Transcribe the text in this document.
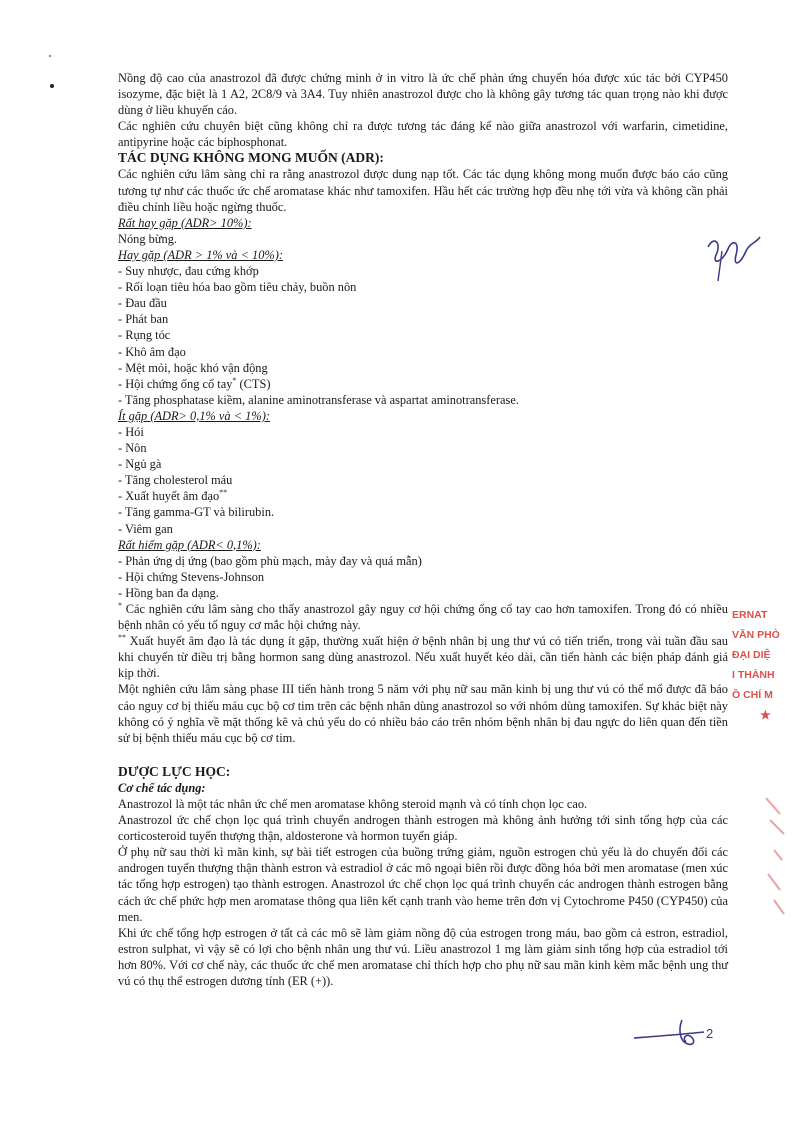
Nồng độ cao của anastrozol đã được chứng minh ở in vitro là ức chế phản ứng chuyển hóa được xúc tác bởi CYP450 isozyme, đặc biệt là 1 A2, 2C8/9 và 3A4. Tuy nhiên anastrozol được cho là không gây tương tác quan trọng nào khi được dùng ở liều khuyến cáo.

Các nghiên cứu chuyên biệt cũng không chỉ ra được tương tác đáng kể nào giữa anastrozol với warfarin, cimetidine, antipyrine hoặc các biphosphonat.

TÁC DỤNG KHÔNG MONG MUỐN (ADR):

Các nghiên cứu lâm sàng chỉ ra rằng anastrozol được dung nạp tốt. Các tác dụng không mong muốn được báo cáo cũng tương tự như các thuốc ức chế aromatase khác như tamoxifen. Hầu hết các trường hợp đều nhẹ tới vừa và không cần phải điều chỉnh liều hoặc ngừng thuốc.

Rất hay gặp (ADR> 10%):

Nóng bừng.

Hay gặp (ADR > 1% và < 10%):

- Suy nhược, đau cứng khớp
- Rối loạn tiêu hóa bao gồm tiêu chảy, buồn nôn
- Đau đầu
- Phát ban
- Rụng tóc
- Khô âm đạo
- Mệt mỏi, hoặc khó vận động
- Hội chứng ống cổ tay* (CTS)
- Tăng phosphatase kiềm, alanine aminotransferase và aspartat aminotransferase.

Ít gặp (ADR> 0,1% và < 1%):

- Hói
- Nôn
- Ngủ gà
- Tăng cholesterol máu
- Xuất huyết âm đạo**
- Tăng gamma-GT và bilirubin.
- Viêm gan

Rất hiếm gặp (ADR< 0,1%):

- Phản ứng dị ứng (bao gồm phù mạch, mày đay và quá mẫn)
- Hội chứng Stevens-Johnson
- Hồng ban đa dạng.

* Các nghiên cứu lâm sàng cho thấy anastrozol gây nguy cơ hội chứng ống cổ tay cao hơn tamoxifen. Trong đó có nhiều bệnh nhân có yếu tố nguy cơ mắc hội chứng này.

** Xuất huyết âm đạo là tác dụng ít gặp, thường xuất hiện ở bệnh nhân bị ung thư vú có tiến triển, trong vài tuần đầu sau khi chuyển từ điều trị bằng hormon sang dùng anastrozol. Nếu xuất huyết kéo dài, cần tiến hành các biện pháp đánh giá kịp thời.

Một nghiên cứu lâm sàng phase III tiến hành trong 5 năm với phụ nữ sau mãn kinh bị ung thư vú có thể mổ được đã báo cáo nguy cơ bị thiếu máu cục bộ cơ tim trên các bệnh nhân dùng anastrozol so với nhóm dùng tamoxifen. Sự khác biệt này không có ý nghĩa về mặt thống kê và chủ yếu do có nhiều báo cáo trên nhóm bệnh nhân bị đau ngực do liên quan đến tiền sử bị bệnh thiếu máu cục bộ cơ tim.

DƯỢC LỰC HỌC:

Cơ chế tác dụng:

Anastrozol là một tác nhân ức chế men aromatase không steroid mạnh và có tính chọn lọc cao.

Anastrozol ức chế chọn lọc quá trình chuyển androgen thành estrogen mà không ảnh hưởng tới sinh tổng hợp của các corticosteroid tuyến thượng thận, aldosterone và hormon tuyến giáp.

Ở phụ nữ sau thời kì mãn kinh, sự bài tiết estrogen của buồng trứng giảm, nguồn estrogen chủ yếu là do chuyển đổi các androgen tuyến thượng thận thành estron và estradiol ở các mô ngoại biên rồi được đồng hóa bởi men aromatase (men xúc tác tổng hợp estrogen) tạo thành estrogen. Anastrozol ức chế chọn lọc quá trình chuyển các androgen thành estrogen bằng cách ức chế phức hợp men aromatase thông qua liên kết cạnh tranh vào heme trên đơn vị Cytochrome P450 (CYP450) của men.

Khi ức chế tổng hợp estrogen ở tất cả các mô sẽ làm giảm nồng độ của estrogen trong máu, bao gồm cả estron, estradiol, estron sulphat, vì vậy sẽ có lợi cho bệnh nhân ung thư vú. Liều anastrozol 1 mg làm giảm sinh tổng hợp của estradiol tới hơn 80%. Với cơ chế này, các thuốc ức chế men aromatase chỉ thích hợp cho phụ nữ sau mãn kinh kèm mắc bệnh ung thư vú có thụ thể estrogen dương tính (ER (+)).

ERNAT
VĂN PHÒ
ĐẠI DIỆ
I THÀNH
Ồ CHÍ M
★
2
